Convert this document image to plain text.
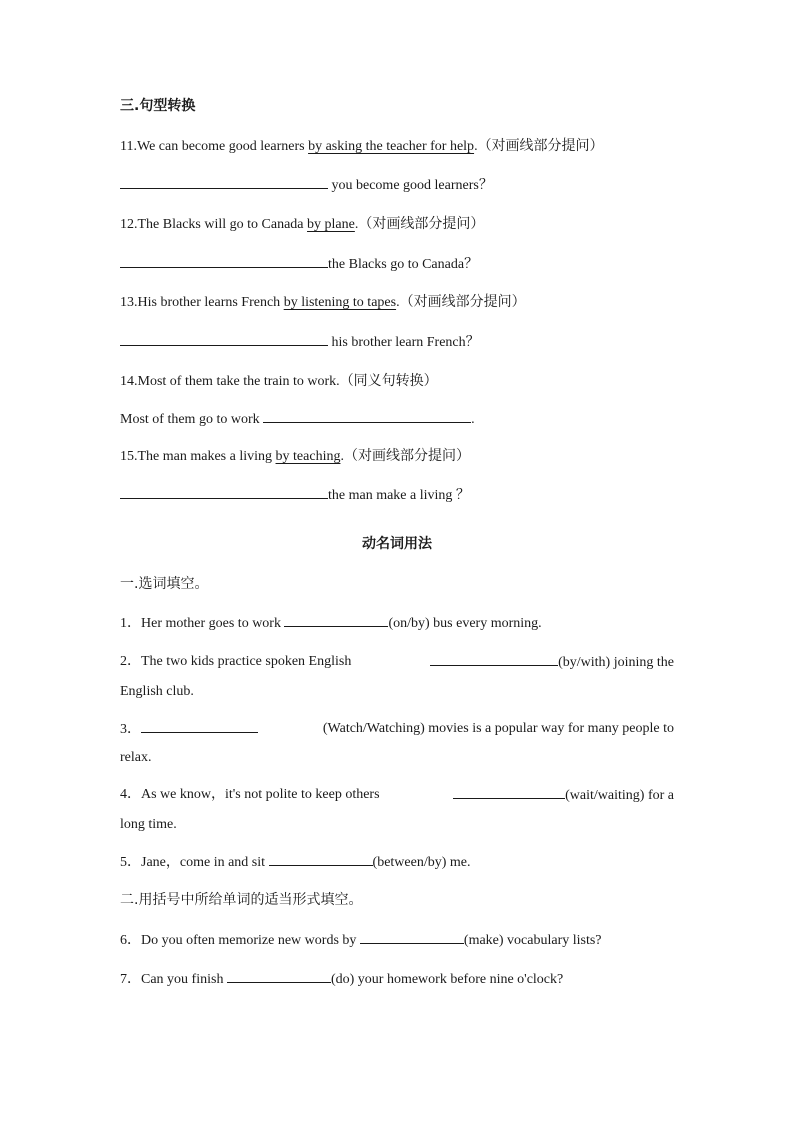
三.句型转换
11.We can become good learners by asking the teacher for help.（对画线部分提问）
you become good learners？
12.The Blacks will go to Canada by plane.（对画线部分提问）
the Blacks go to Canada？
13.His brother learns French by listening to tapes.（对画线部分提问）
his brother learn French？
14.Most of them take the train to work.（同义句转换）
Most of them go to work	.
15.The man makes a living by teaching.（对画线部分提问）
the man make a living ？
动名词用法
一.选词填空。
1．Her mother goes to work	(on/by) bus every morning.
2．The two kids practice spoken English	(by/with) joining the
English club.
3．	(Watch/Watching) movies is a popular way for many people to
relax.
4．As we know，it's not polite to keep others	(wait/waiting) for a
long time.
5．Jane，come in and sit	(between/by) me.
二.用括号中所给单词的适当形式填空。
6．Do you often memorize new words by	(make) vocabulary lists?
7．Can you finish	(do) your homework before nine o'clock?
